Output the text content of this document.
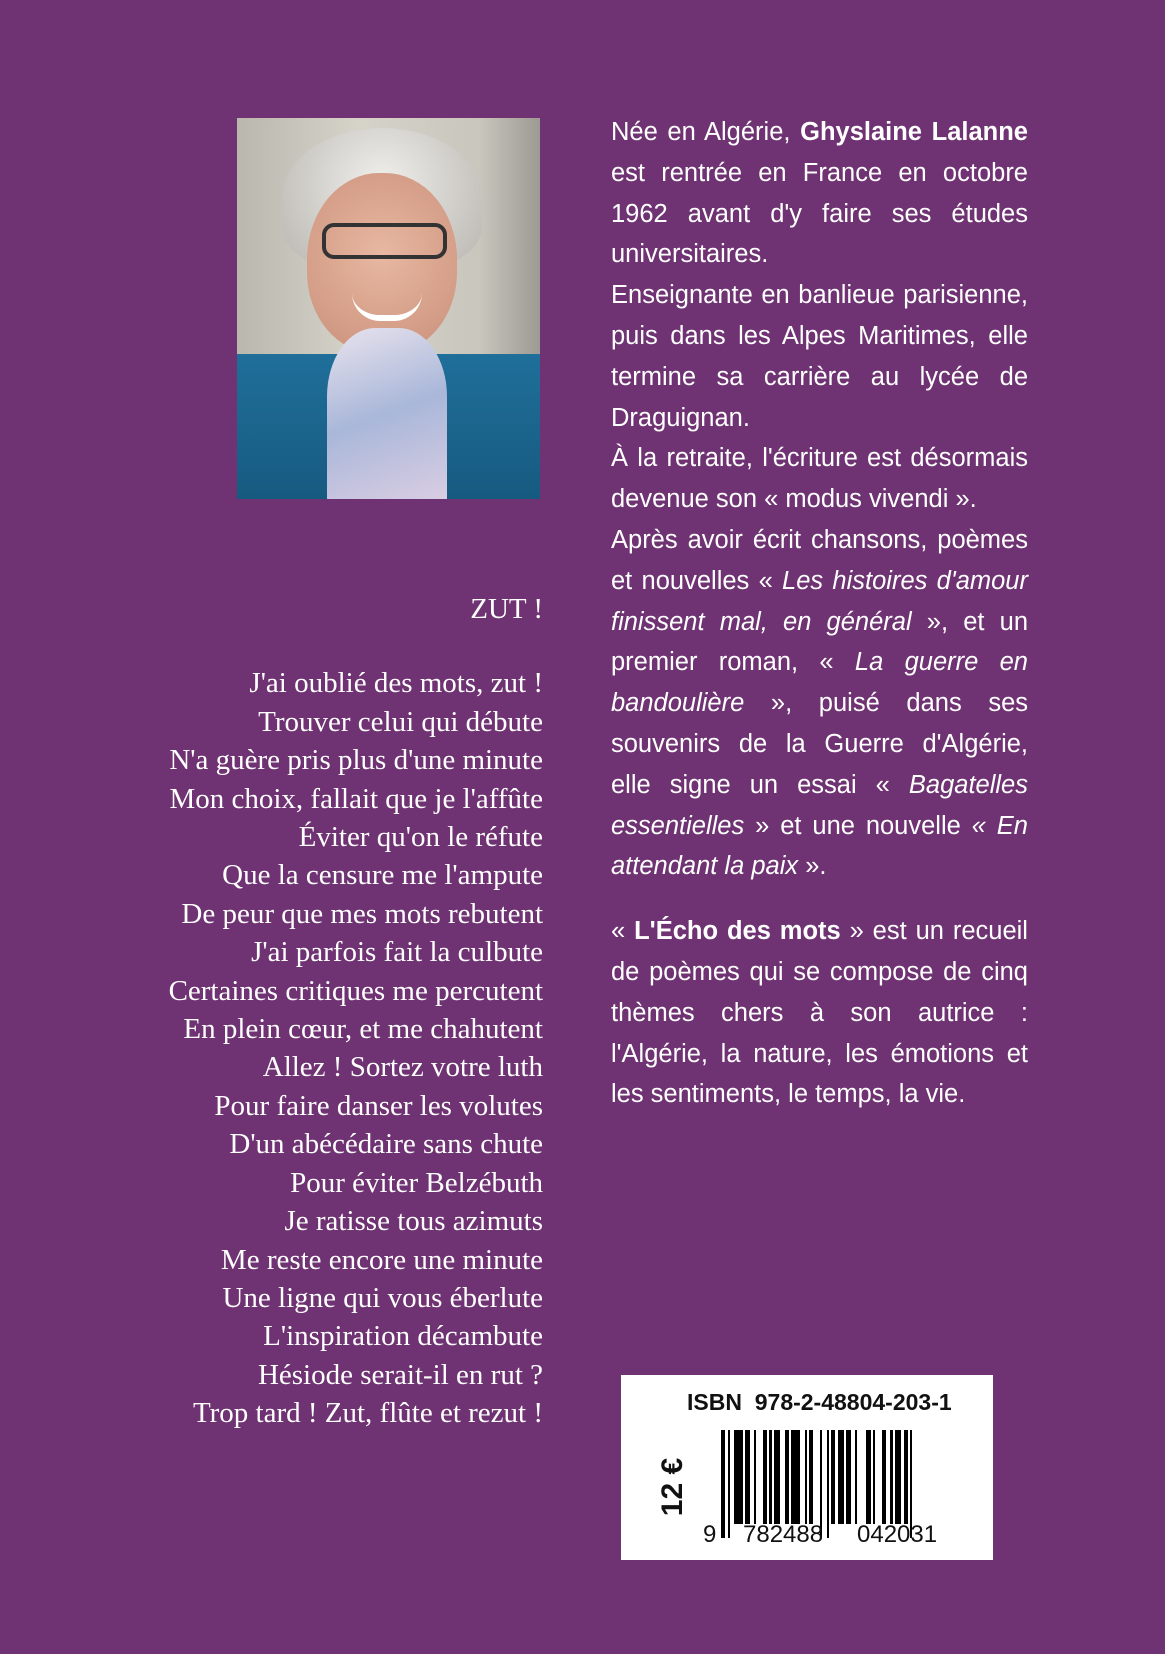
ZUT !
J'ai oublié des mots, zut !
Trouver celui qui débute
N'a guère pris plus d'une minute
Mon choix, fallait que je l'affûte
Éviter qu'on le réfute
Que la censure me l'ampute
De peur que mes mots rebutent
J'ai parfois fait la culbute
Certaines critiques me percutent
En plein cœur, et me chahutent
Allez ! Sortez votre luth
Pour faire danser les volutes
D'un abécédaire sans chute
Pour éviter Belzébuth
Je ratisse tous azimuts
Me reste encore une minute
Une ligne qui vous éberlute
L'inspiration décambute
Hésiode serait-il en rut ?
Trop tard ! Zut, flûte et rezut !

Née en Algérie, Ghyslaine Lalanne est rentrée en France en octobre 1962 avant d'y faire ses études universitaires.

Enseignante en banlieue parisienne, puis dans les Alpes Maritimes, elle termine sa carrière au lycée de Draguignan.

À la retraite, l'écriture est désormais devenue son « modus vivendi ».

Après avoir écrit chansons, poèmes et nouvelles « Les histoires d'amour finissent mal, en général », et un premier roman, « La guerre en bandoulière », puisé dans ses souvenirs de la Guerre d'Algérie, elle signe un essai « Bagatelles essentielles » et une nouvelle « En attendant la paix ».

« L'Écho des mots » est un recueil de poèmes qui se compose de cinq thèmes chers à son autrice : l'Algérie, la nature, les émotions et les sentiments, le temps, la vie.

ISBN  978-2-48804-203-1
12 €
9 782488 042031
